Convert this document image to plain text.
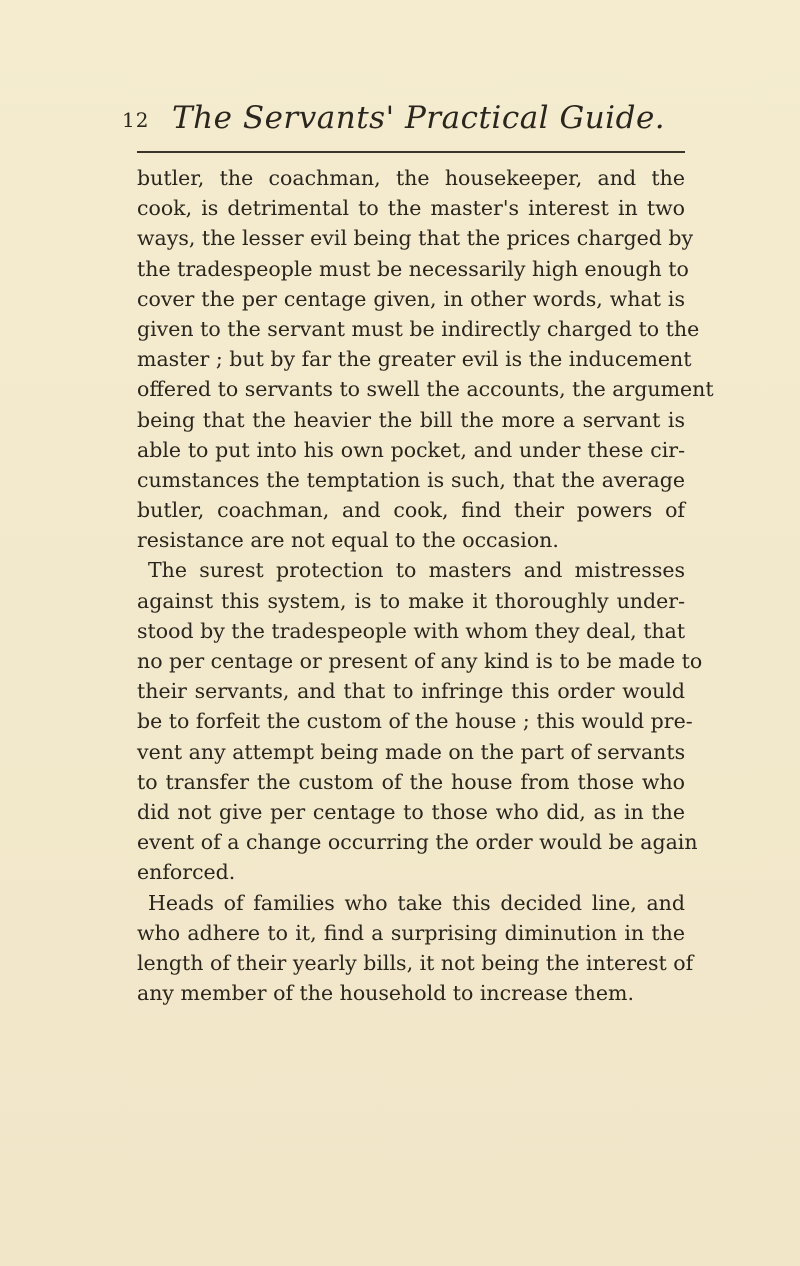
12 The Servants' Practical Guide.
butler, the coachman, the housekeeper, and the
cook, is detrimental to the master's interest in two
ways, the lesser evil being that the prices charged by
the tradespeople must be necessarily high enough to
cover the per centage given, in other words, what is
given to the servant must be indirectly charged to the
master ; but by far the greater evil is the inducement
offered to servants to swell the accounts, the argument
being that the heavier the bill the more a servant is
able to put into his own pocket, and under these cir-
cumstances the temptation is such, that the average
butler, coachman, and cook, find their powers of
resistance are not equal to the occasion.
The surest protection to masters and mistresses
against this system, is to make it thoroughly under-
stood by the tradespeople with whom they deal, that
no per centage or present of any kind is to be made to
their servants, and that to infringe this order would
be to forfeit the custom of the house ; this would pre-
vent any attempt being made on the part of servants
to transfer the custom of the house from those who
did not give per centage to those who did, as in the
event of a change occurring the order would be again
enforced.
Heads of families who take this decided line, and
who adhere to it, find a surprising diminution in the
length of their yearly bills, it not being the interest of
any member of the household to increase them.
